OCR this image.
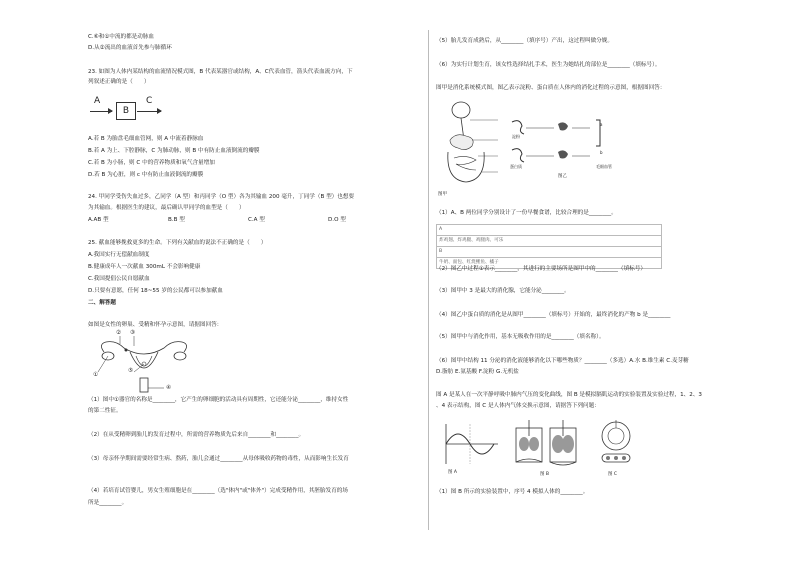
C.⑥和①中流的都是动脉血
D.从②流出的血液首先参与肺循环
23. 如图为人体内某结构的血流情况模式图，B 代表某器官或结构，A、C代表血管，箭头代表血流方向，下
列叙述正确的是（　　）
A
B
C
A.若 B 为胎盘毛细血管网，则 A 中流着静脉血
B.若 A 为上、下腔静脉，C 为肺动脉，则 B 中有防止血液倒流的瓣膜
C.若 B 为小肠，则 C 中的营养物质和氧气含量增加
D.若 B 为心脏，则 c 中有防止血液倒流的瓣膜
24. 甲同学受伤失血过多，乙同学（A 型）和丙同学（O 型）各为其输血 200 毫升，丁同学（B 型）也想要
为其输血。根据医生的建议，最后确认甲同学的血型是（　　）
A.AB 型	B.B 型	C.A 型	D.O 型
25. 献血能够挽救更多的生命。下列有关献血的说法不正确的是（　　）
A.我国实行无偿献血制度
B.健康成年人一次献血 300mL 不会影响健康
C.我国提倡公民自愿献血
D.只要有意愿，任何 18~55 岁的公民都可以参加献血
二、解答题
如图是女性的卵巢、受精和怀孕示意图，请据图回答：
①
② ③
④
⑤
（1）图中①器官的名称是________，它产生的卵细胞的活动具有周期性，它还能分泌________，维持女性
的第二性征。
（2）在从受精卵到胎儿的发育过程中，所需的营养物质先后来自________和________。
（3）母亲怀孕期间需要经常生病、熬药，胎儿会通过________从母体吸收药物的毒性，从而影响生长发育
（4）若培育试管婴儿，男女生殖细胞是在________（选"体内"或"体外"）完成受精作用，其胚胎发育的场
所是________。
（5）胎儿发育成熟后，从________（填序号）产出，这过程叫做分娩。
（6）为实行计划生育，该女性选择结扎手术，医生为她结扎的部位是________（填标号）。
图甲是消化系统模式图，图乙表示淀粉、蛋白质在人体内的消化过程的示意图，根据图回答：
图甲
淀粉
蛋白质
a
b
毛细血管
图乙
（1）A、B 两位同学分别设计了一份早餐食谱，比较合理的是________。
A
炸鸡翅、炸鸡腿、鸡腿肉、可乐
B
牛奶、面包、红烧鲤鱼、橘子
（2）图乙中过程①表示________，其进行的主要场所是图甲中的________（填标号）
（3）图甲中 3 是最大的消化腺，它能分泌________。
（4）图乙中蛋白质的消化是从图甲________（填标号）开始的，最终消化的产物 b 是________
（5）图甲中与消化作用，基本无吸收作用的是________（填名称）。
（6）图甲中结构 11 分泌的消化液能够消化以下哪些物质？________（多选）A.水 B.维生素 C.麦芽糖
D.脂肪 E.氨基酸 F.淀粉 G.无机盐
图 A 是某人在一次平静呼吸中肺内气压的变化曲线，图 B 是模拟膈肌运动的实验装置及实验过程，1、2、3
、4 表示结构，图 C 是人体内气体交换示意图，请据答下列问题：
图 A	图 B	图 C
（1）图 B 所示的实验装置中，序号 4 模拟人体的________。
